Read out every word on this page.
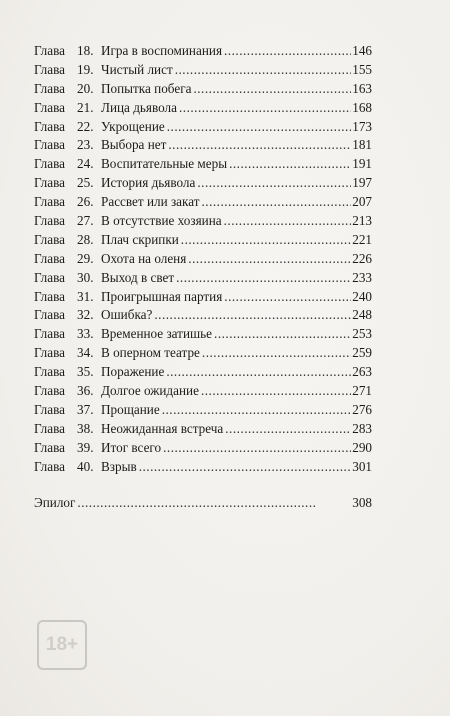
Глава 18. Игра в воспоминания . . .	146
Глава 19. Чистый лист . . .	155
Глава 20. Попытка побега . . .	163
Глава 21. Лица дьявола . . .	168
Глава 22. Укрощение . . .	173
Глава 23. Выбора нет . . .	181
Глава 24. Воспитательные меры . . .	191
Глава 25. История дьявола . . .	197
Глава 26. Рассвет или закат . . .	207
Глава 27. В отсутствие хозяина . . .	213
Глава 28. Плач скрипки . . .	221
Глава 29. Охота на оленя . . .	226
Глава 30. Выход в свет . . .	233
Глава 31. Проигрышная партия . . .	240
Глава 32. Ошибка? . . .	248
Глава 33. Временное затишье . . .	253
Глава 34. В оперном театре . . .	259
Глава 35. Поражение . . .	263
Глава 36. Долгое ожидание . . .	271
Глава 37. Прощание . . .	276
Глава 38. Неожиданная встреча . . .	283
Глава 39. Итог всего . . .	290
Глава 40. Взрыв . . .	301
Эпилог . . .	308
18+
